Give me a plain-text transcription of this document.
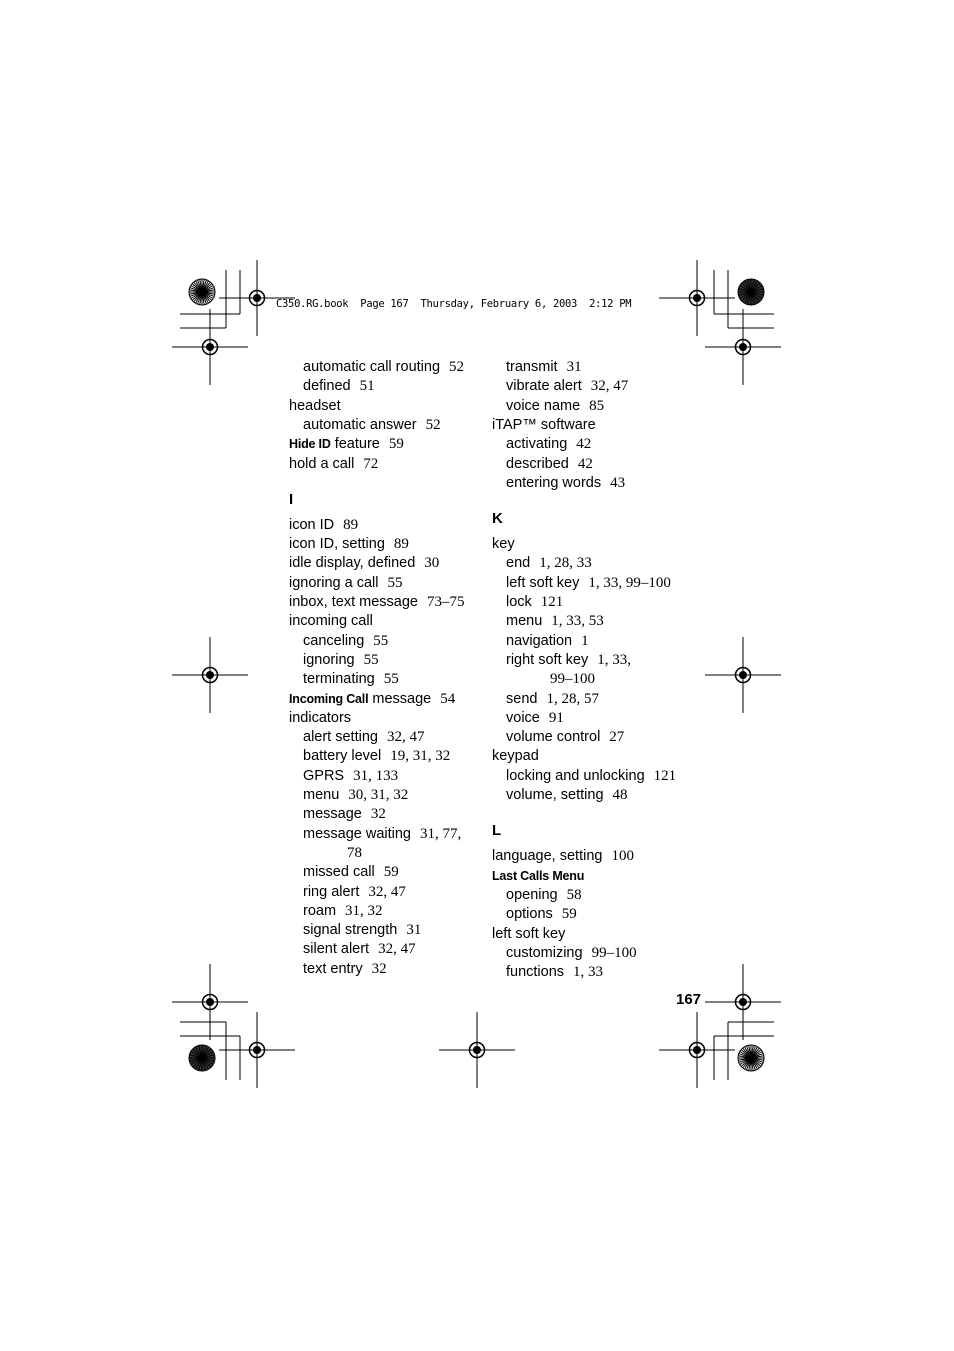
C350.RG.book  Page 167  Thursday, February 6, 2003  2:12 PM
automatic call routing 52
defined 51
headset
automatic answer 52
Hide ID feature 59
hold a call 72
I
icon ID 89
icon ID, setting 89
idle display, defined 30
ignoring a call 55
inbox, text message 73–75
incoming call
canceling 55
ignoring 55
terminating 55
Incoming Call message 54
indicators
alert setting 32, 47
battery level 19, 31, 32
GPRS 31, 133
menu 30, 31, 32
message 32
message waiting 31, 77,
78
missed call 59
ring alert 32, 47
roam 31, 32
signal strength 31
silent alert 32, 47
text entry 32
transmit 31
vibrate alert 32, 47
voice name 85
iTAP™ software
activating 42
described 42
entering words 43
K
key
end 1, 28, 33
left soft key 1, 33, 99–100
lock 121
menu 1, 33, 53
navigation 1
right soft key 1, 33,
99–100
send 1, 28, 57
voice 91
volume control 27
keypad
locking and unlocking 121
volume, setting 48
L
language, setting 100
Last Calls Menu
opening 58
options 59
left soft key
customizing 99–100
functions 1, 33
167
